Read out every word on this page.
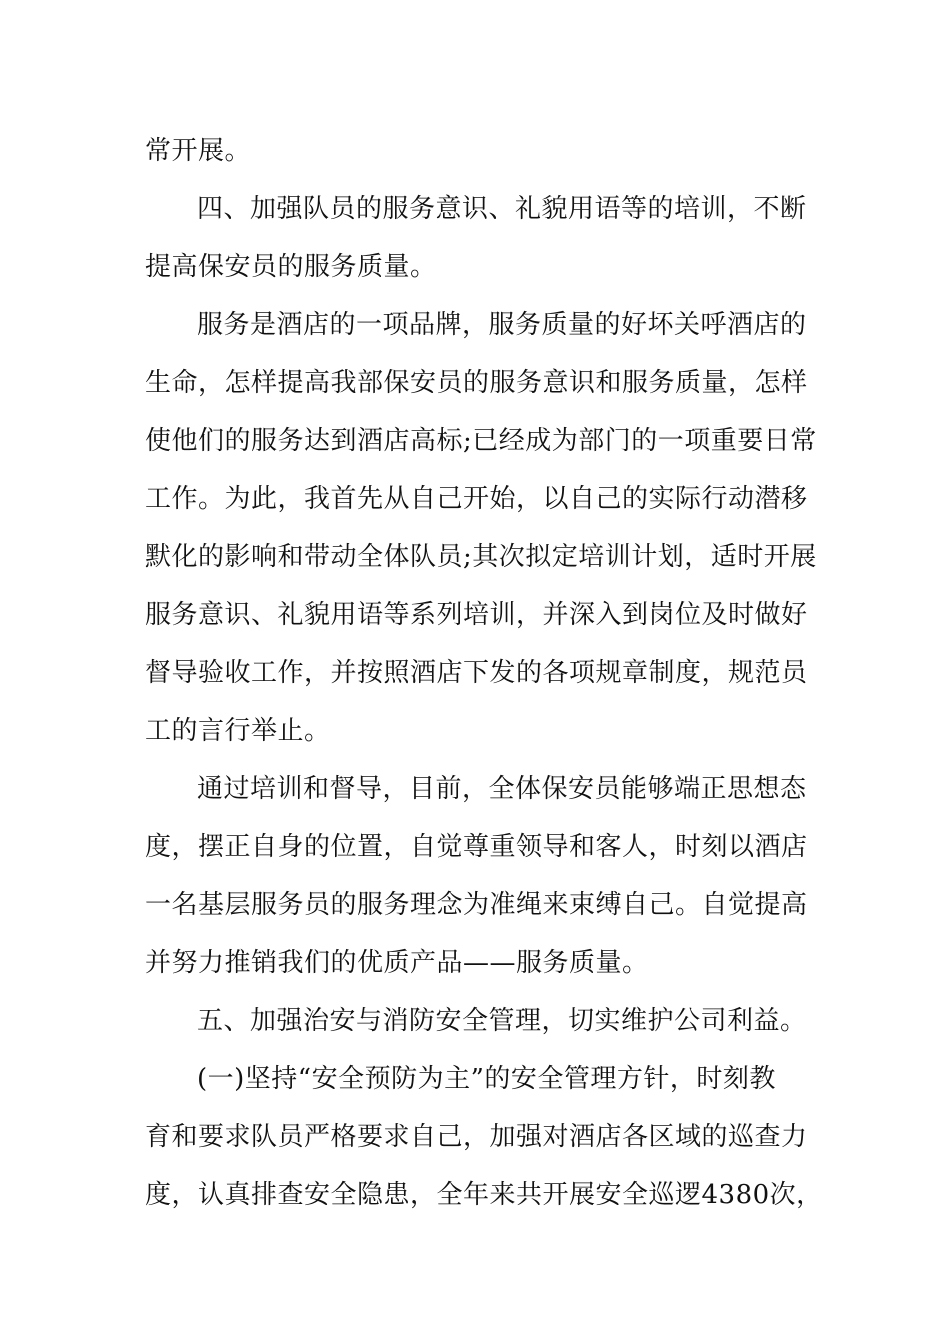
常开展。
四、加强队员的服务意识、礼貌用语等的培训，不断
提高保安员的服务质量。
服务是酒店的一项品牌，服务质量的好坏关呼酒店的
生命，怎样提高我部保安员的服务意识和服务质量，怎样
使他们的服务达到酒店高标;已经成为部门的一项重要日常
工作。为此，我首先从自己开始，以自己的实际行动潜移
默化的影响和带动全体队员;其次拟定培训计划，适时开展
服务意识、礼貌用语等系列培训，并深入到岗位及时做好
督导验收工作，并按照酒店下发的各项规章制度，规范员
工的言行举止。
通过培训和督导，目前，全体保安员能够端正思想态
度，摆正自身的位置，自觉尊重领导和客人，时刻以酒店
一名基层服务员的服务理念为准绳来束缚自己。自觉提高
并努力推销我们的优质产品——服务质量。
五、加强治安与消防安全管理，切实维护公司利益。
(一)坚持“安全预防为主”的安全管理方针，时刻教
育和要求队员严格要求自己，加强对酒店各区域的巡查力
度，认真排查安全隐患，全年来共开展安全巡逻4380次，
